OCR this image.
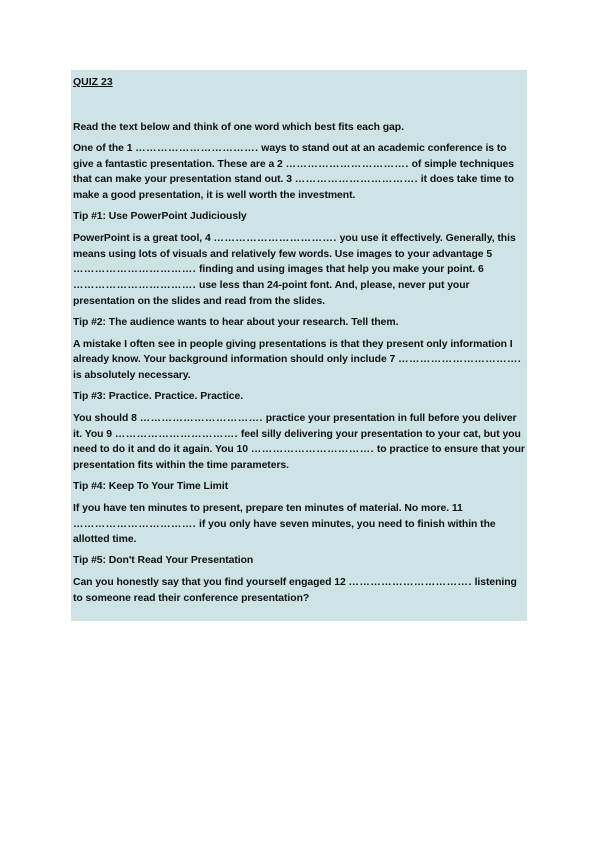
QUIZ 23

Read the text below and think of one word which best fits each gap.

One of the 1 ……………………………. ways to stand out at an academic conference is to give a fantastic presentation. These are a 2 ……………………………. of simple techniques that can make your presentation stand out. 3 ……………………………. it does take time to make a good presentation, it is well worth the investment.

Tip #1: Use PowerPoint Judiciously

PowerPoint is a great tool, 4 ……………………………. you use it effectively. Generally, this means using lots of visuals and relatively few words. Use images to your advantage 5 ……………………………. finding and using images that help you make your point. 6 ……………………………. use less than 24-point font. And, please, never put your presentation on the slides and read from the slides.

Tip #2: The audience wants to hear about your research. Tell them.

A mistake I often see in people giving presentations is that they present only information I already know. Your background information should only include 7 ……………………………. is absolutely necessary.

Tip #3: Practice. Practice. Practice.

You should 8 ……………………………. practice your presentation in full before you deliver it. You 9 ……………………………. feel silly delivering your presentation to your cat, but you need to do it and do it again. You 10 ……………………………. to practice to ensure that your presentation fits within the time parameters.

Tip #4: Keep To Your Time Limit

If you have ten minutes to present, prepare ten minutes of material. No more. 11 ……………………………. if you only have seven minutes, you need to finish within the allotted time.

Tip #5: Don't Read Your Presentation

Can you honestly say that you find yourself engaged 12 ……………………………. listening to someone read their conference presentation?
